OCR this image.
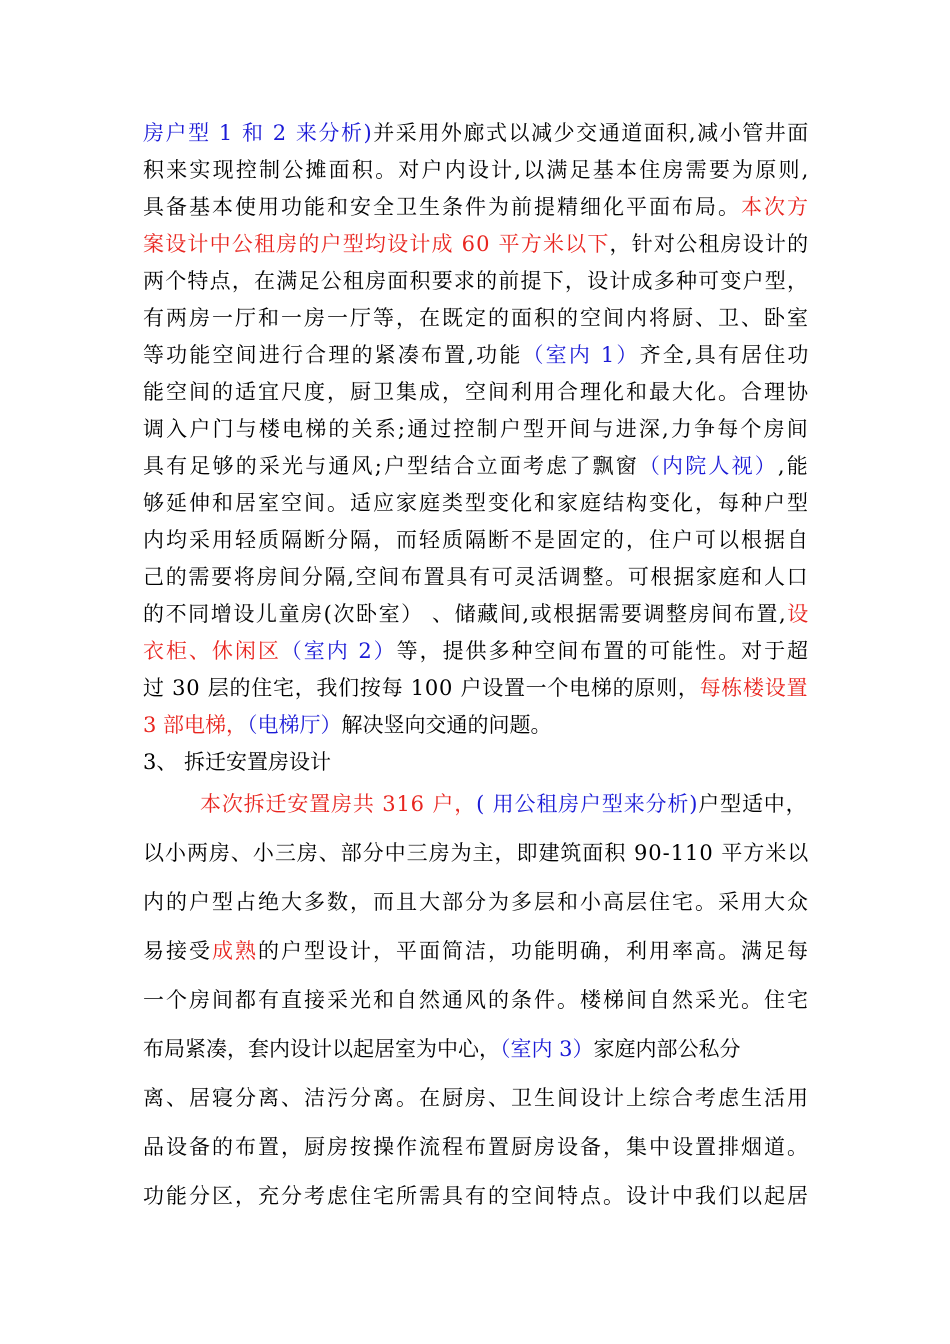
房户型 1 和 2 来分析)并采用外廊式以减少交通道面积,减小管井面
积来实现控制公摊面积。对户内设计,以满足基本住房需要为原则,
具备基本使用功能和安全卫生条件为前提精细化平面布局。本次方
案设计中公租房的户型均设计成 60 平方米以下，针对公租房设计的
两个特点，在满足公租房面积要求的前提下，设计成多种可变户型，
有两房一厅和一房一厅等，在既定的面积的空间内将厨、卫、卧室
等功能空间进行合理的紧凑布置,功能（室内 1）齐全,具有居住功
能空间的适宜尺度，厨卫集成，空间利用合理化和最大化。合理协
调入户门与楼电梯的关系;通过控制户型开间与进深,力争每个房间
具有足够的采光与通风;户型结合立面考虑了飘窗（内院人视）,能
够延伸和居室空间。适应家庭类型变化和家庭结构变化，每种户型
内均采用轻质隔断分隔，而轻质隔断不是固定的，住户可以根据自
己的需要将房间分隔,空间布置具有可灵活调整。可根据家庭和人口
的不同增设儿童房(次卧室） 、储藏间,或根据需要调整房间布置,设
衣柜、休闲区（室内 2）等，提供多种空间布置的可能性。对于超
过 30 层的住宅，我们按每 100 户设置一个电梯的原则，每栋楼设置
3 部电梯，（电梯厅）解决竖向交通的问题。
3、 拆迁安置房设计
本次拆迁安置房共 316 户，( 用公租房户型来分析)户型适中，
以小两房、小三房、部分中三房为主，即建筑面积 90-110 平方米以
内的户型占绝大多数，而且大部分为多层和小高层住宅。采用大众
易接受成熟的户型设计，平面简洁，功能明确，利用率高。满足每
一个房间都有直接采光和自然通风的条件。楼梯间自然采光。住宅
布局紧凑，套内设计以起居室为中心，（室内 3）家庭内部公私分
离、居寝分离、洁污分离。在厨房、卫生间设计上综合考虑生活用
品设备的布置，厨房按操作流程布置厨房设备，集中设置排烟道。
功能分区，充分考虑住宅所需具有的空间特点。设计中我们以起居
